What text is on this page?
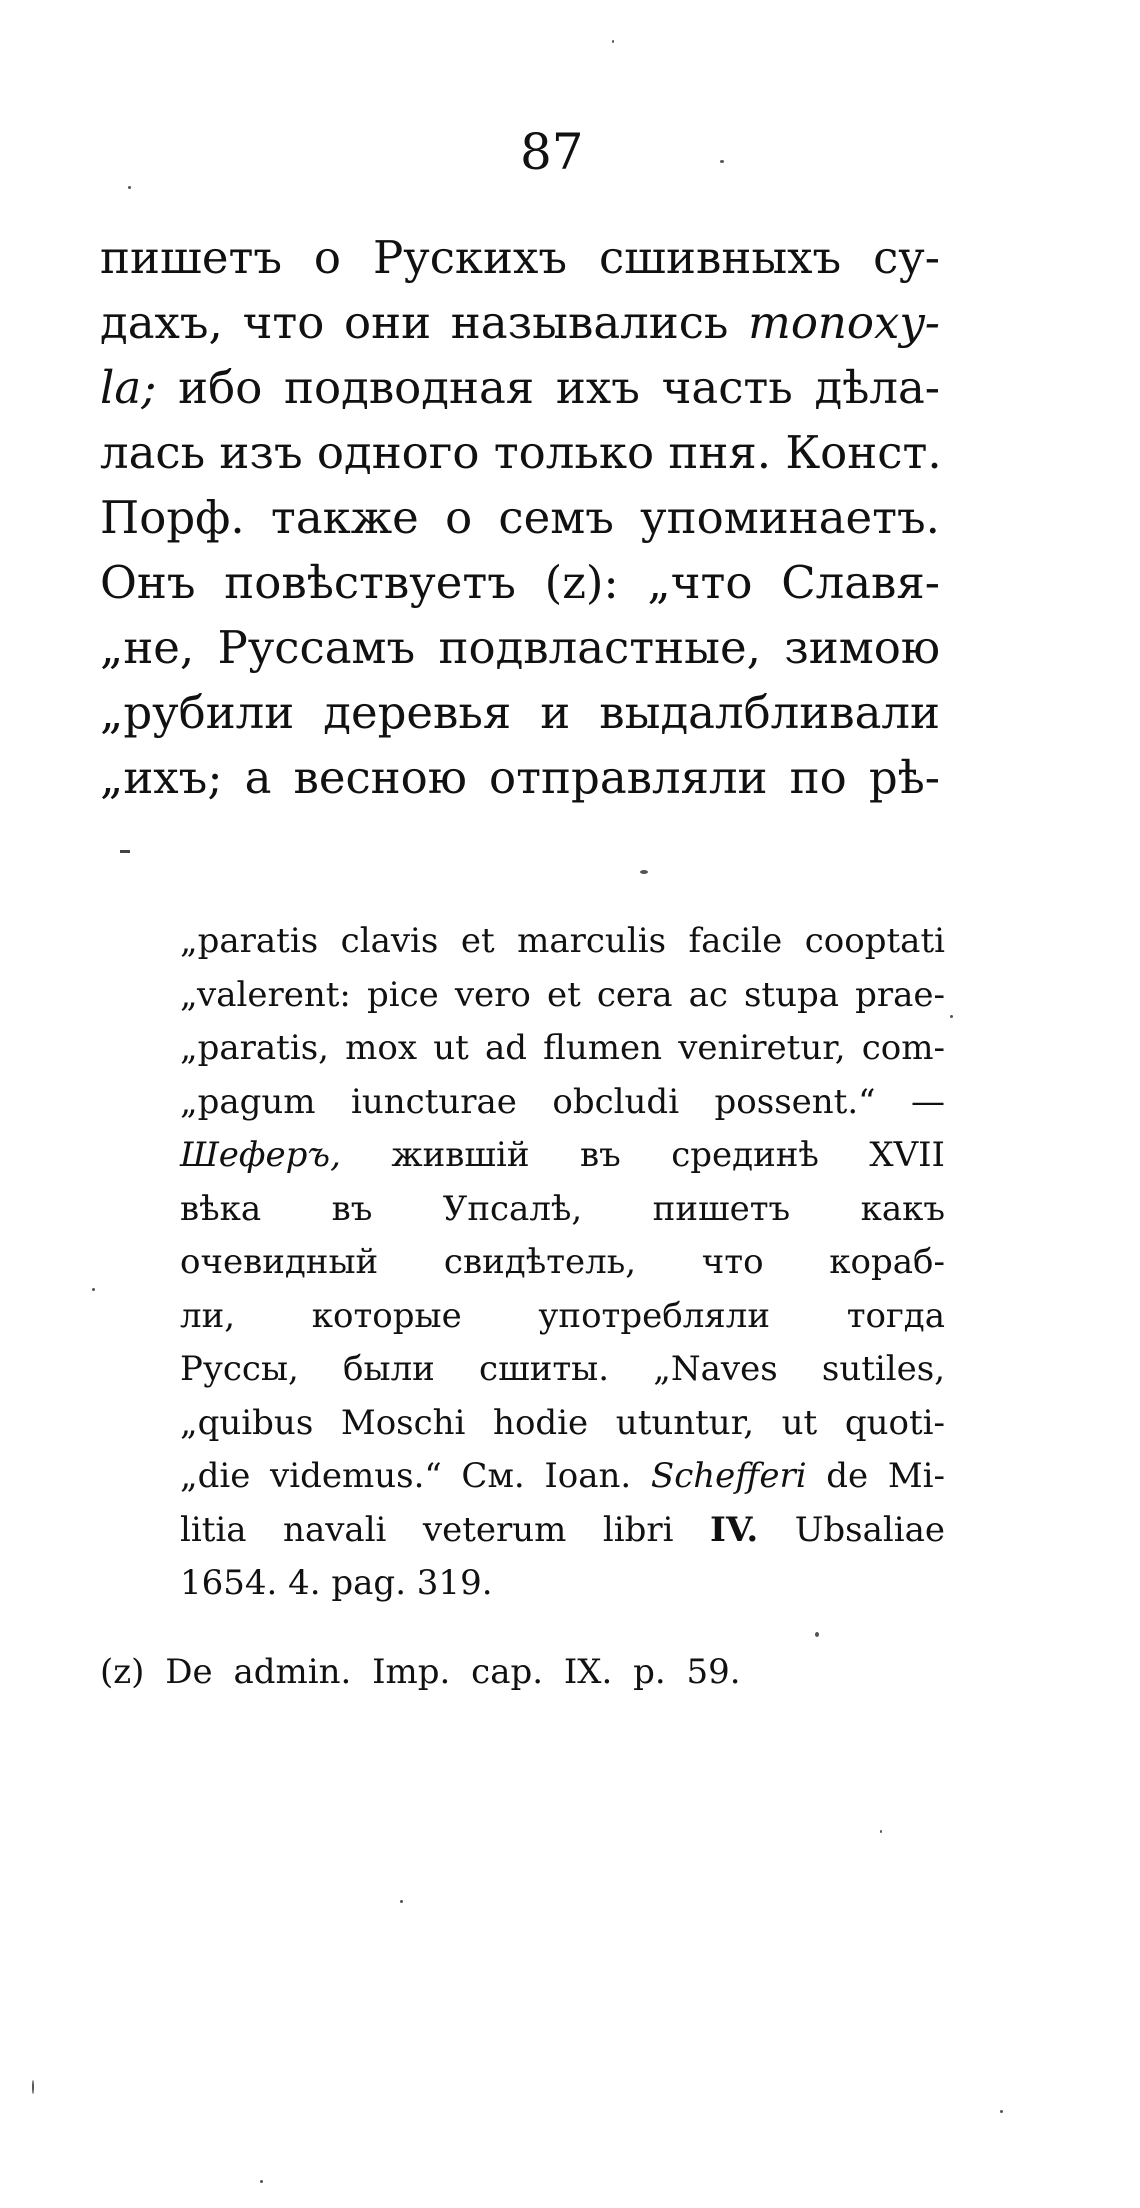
87
пишетъ о Рускихъ сшивныхъ су-
дахъ, что они назывались monoxy-
la; ибо подводная ихъ часть дѣла-
лась изъ одного только пня. Конст.
Порф. также о семъ упоминаетъ.
Онъ повѣствуетъ (z): „что Славя-
„не, Руссамъ подвластные, зимою
„рубили деревья и выдалбливали
„ихъ; а весною отправляли по рѣ-
„paratis clavis et marculis facile cooptati
„valerent: pice vero et cera ac stupa prae-
„paratis, mox ut ad flumen veniretur, com-
„pagum iuncturae obcludi possent.“ —
Шеферъ, жившій въ срединѣ XVII
вѣка въ Упсалѣ, пишетъ какъ
очевидный свидѣтель, что кораб-
ли, которые употребляли тогда
Руссы, были сшиты. „Naves sutiles,
„quibus Moschi hodie utuntur, ut quoti-
„die videmus.“ См. Ioan. Schefferi de Mi-
litia navali veterum libri IV. Ubsaliae
1654. 4. pag. 319.
(z) De admin. Imp. cap. IX. p. 59.
